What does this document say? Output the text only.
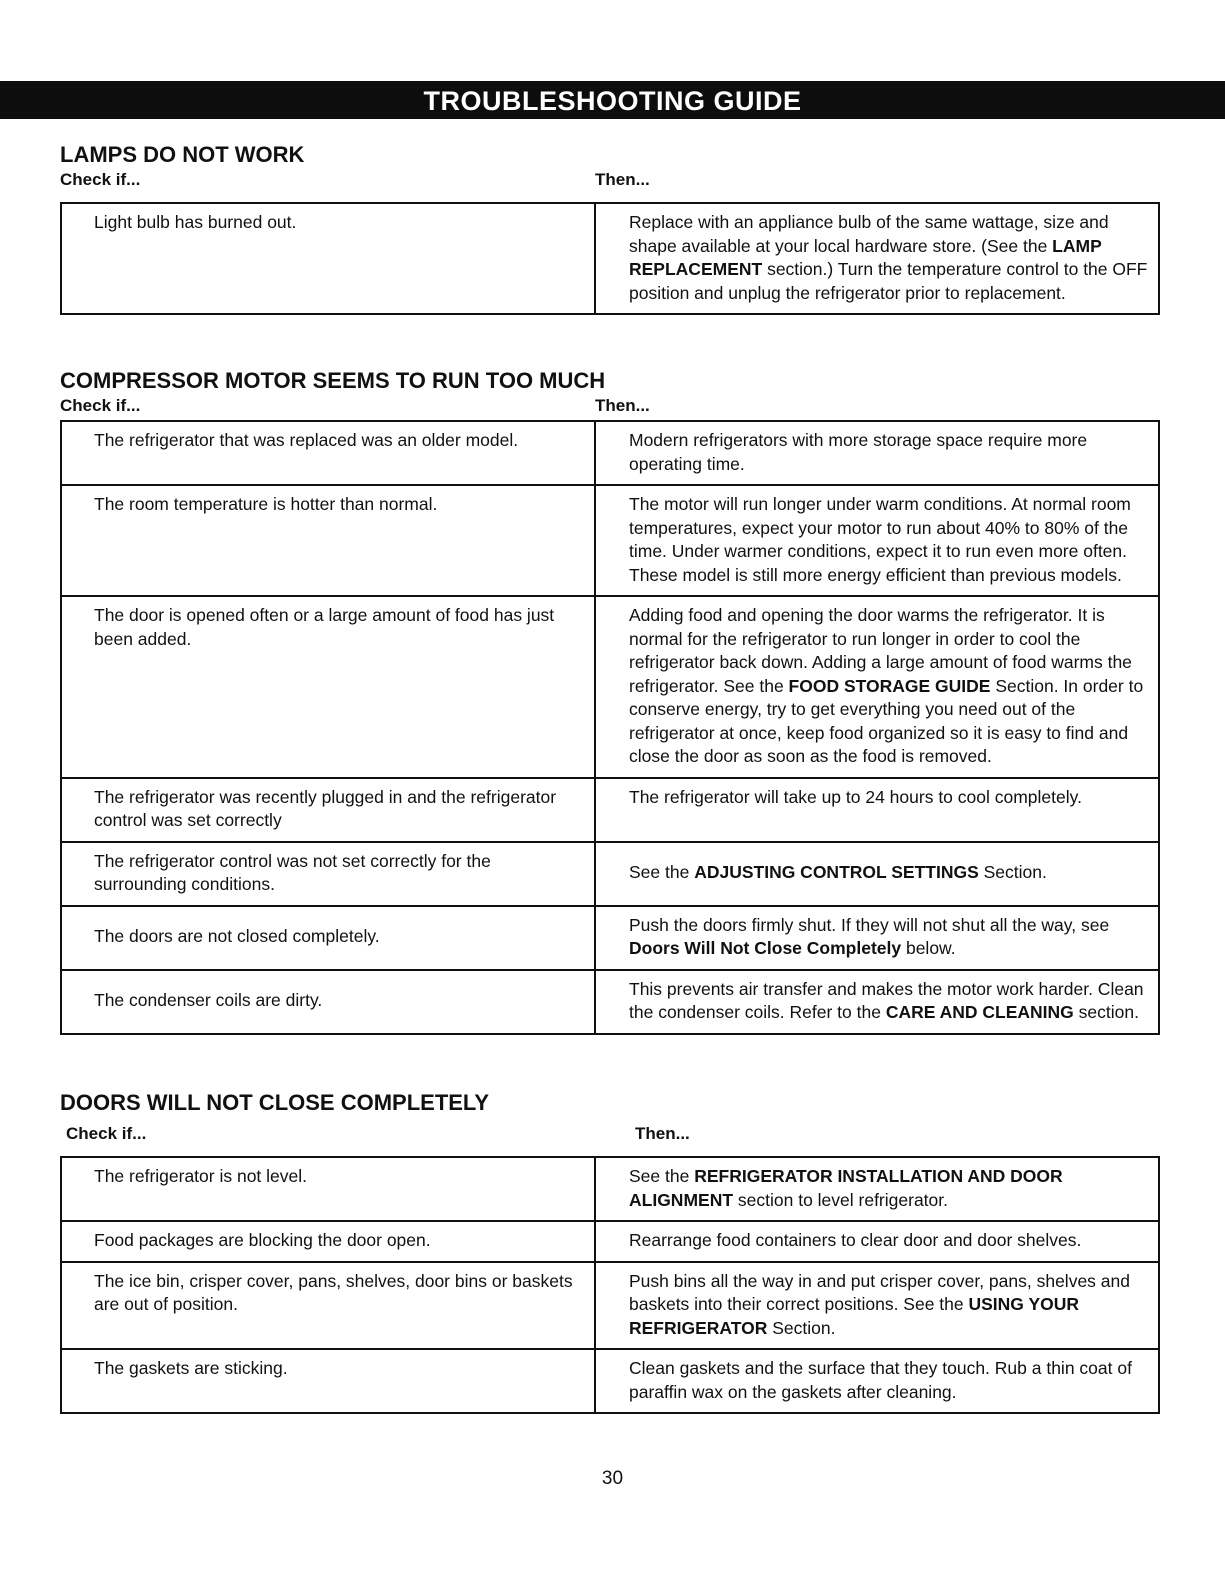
TROUBLESHOOTING GUIDE
LAMPS DO NOT WORK
Check if...	Then...
Light bulb has burned out.	Replace with an appliance bulb of the same wattage, size and shape available at your local hardware store. (See the LAMP REPLACEMENT section.) Turn the temperature control to the OFF position and unplug the refrigerator prior to replacement.
COMPRESSOR MOTOR SEEMS TO RUN TOO MUCH
Check if...	Then...
The refrigerator that was replaced was an older model.	Modern refrigerators with more storage space require more operating time.
The room temperature is hotter than normal.	The motor will run longer under warm conditions. At normal room temperatures, expect your motor to run about 40% to 80% of the time. Under warmer conditions, expect it to run even more often. These model is still more energy efficient than previous models.
The door is opened often or a large amount of food has just been added.	Adding food and opening the door warms the refrigerator. It is normal for the refrigerator to run longer in order to cool the refrigerator back down. Adding a large amount of food warms the refrigerator. See the FOOD STORAGE GUIDE Section. In order to conserve energy, try to get everything you need out of the refrigerator at once, keep food organized so it is easy to find and close the door as soon as the food is removed.
The refrigerator was recently plugged in and the refrigerator control was set correctly	The refrigerator will take up to 24 hours to cool completely.
The refrigerator control was not set correctly for the surrounding conditions.	See the ADJUSTING CONTROL SETTINGS Section.
The doors are not closed completely.	Push the doors firmly shut. If they will not shut all the way, see Doors Will Not Close Completely below.
The condenser coils are dirty.	This prevents air transfer and makes the motor work harder. Clean the condenser coils. Refer to the CARE AND CLEANING section.
DOORS WILL NOT CLOSE COMPLETELY
Check if...	Then...
The refrigerator is not level.	See the REFRIGERATOR INSTALLATION AND DOOR ALIGNMENT section to level refrigerator.
Food packages are blocking the door open.	Rearrange food containers to clear door and door shelves.
The ice bin, crisper cover, pans, shelves, door bins or baskets are out of position.	Push bins all the way in and put crisper cover, pans, shelves and baskets into their correct positions. See the USING YOUR REFRIGERATOR Section.
The gaskets are sticking.	Clean gaskets and the surface that they touch. Rub a thin coat of paraffin wax on the gaskets after cleaning.
30
